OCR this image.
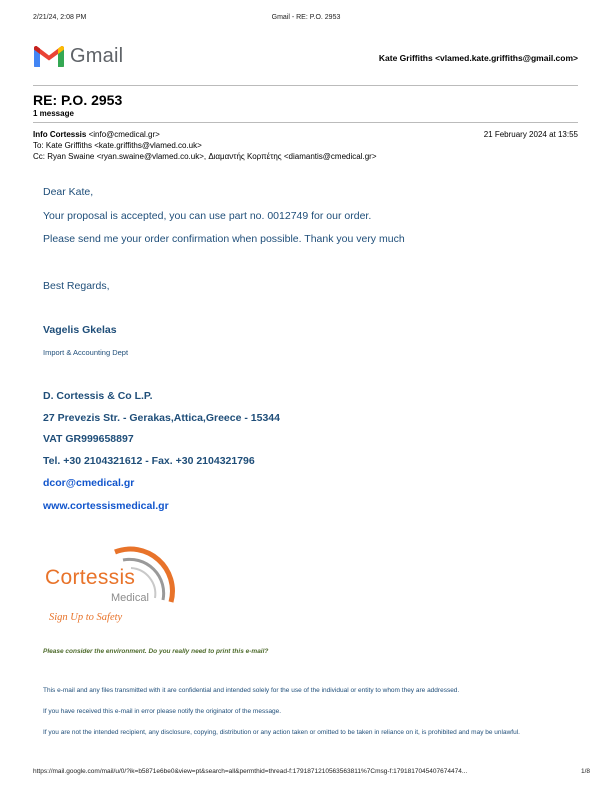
2/21/24, 2:08 PM	Gmail - RE: P.O. 2953
Gmail	Kate Griffiths <vlamed.kate.griffiths@gmail.com>
RE: P.O. 2953
1 message
Info Cortessis <info@cmedical.gr>	21 February 2024 at 13:55
To: Kate Griffiths <kate.griffiths@vlamed.co.uk>
Cc: Ryan Swaine <ryan.swaine@vlamed.co.uk>, Διαμαντής Κορπέτης <diamantis@cmedical.gr>
Dear Kate,
Your proposal is accepted, you can use part no. 0012749 for our order.
Please send me your order confirmation when possible. Thank you very much
Best Regards,
Vagelis Gkelas
Import & Accounting Dept
D. Cortessis & Co L.P.
27 Prevezis Str. - Gerakas,Attica,Greece - 15344
VAT GR999658897
Tel. +30 2104321612 - Fax. +30 2104321796
dcor@cmedical.gr
www.cortessismedical.gr
Cortessis
Medical
Sign Up to Safety
Please consider the environment. Do you really need to print this e-mail?
This e-mail and any files transmitted with it are confidential and intended solely for the use of the individual or entity to whom they are addressed.
If you have received this e-mail in error please notify the originator of the message.
If you are not the intended recipient, any disclosure, copying, distribution or any action taken or omitted to be taken in reliance on it, is prohibited and may be unlawful.
https://mail.google.com/mail/u/0/?ik=b5871e6be0&view=pt&search=all&permthid=thread-f:1791871210563563811%7Cmsg-f:1791817045407674474...	1/8
